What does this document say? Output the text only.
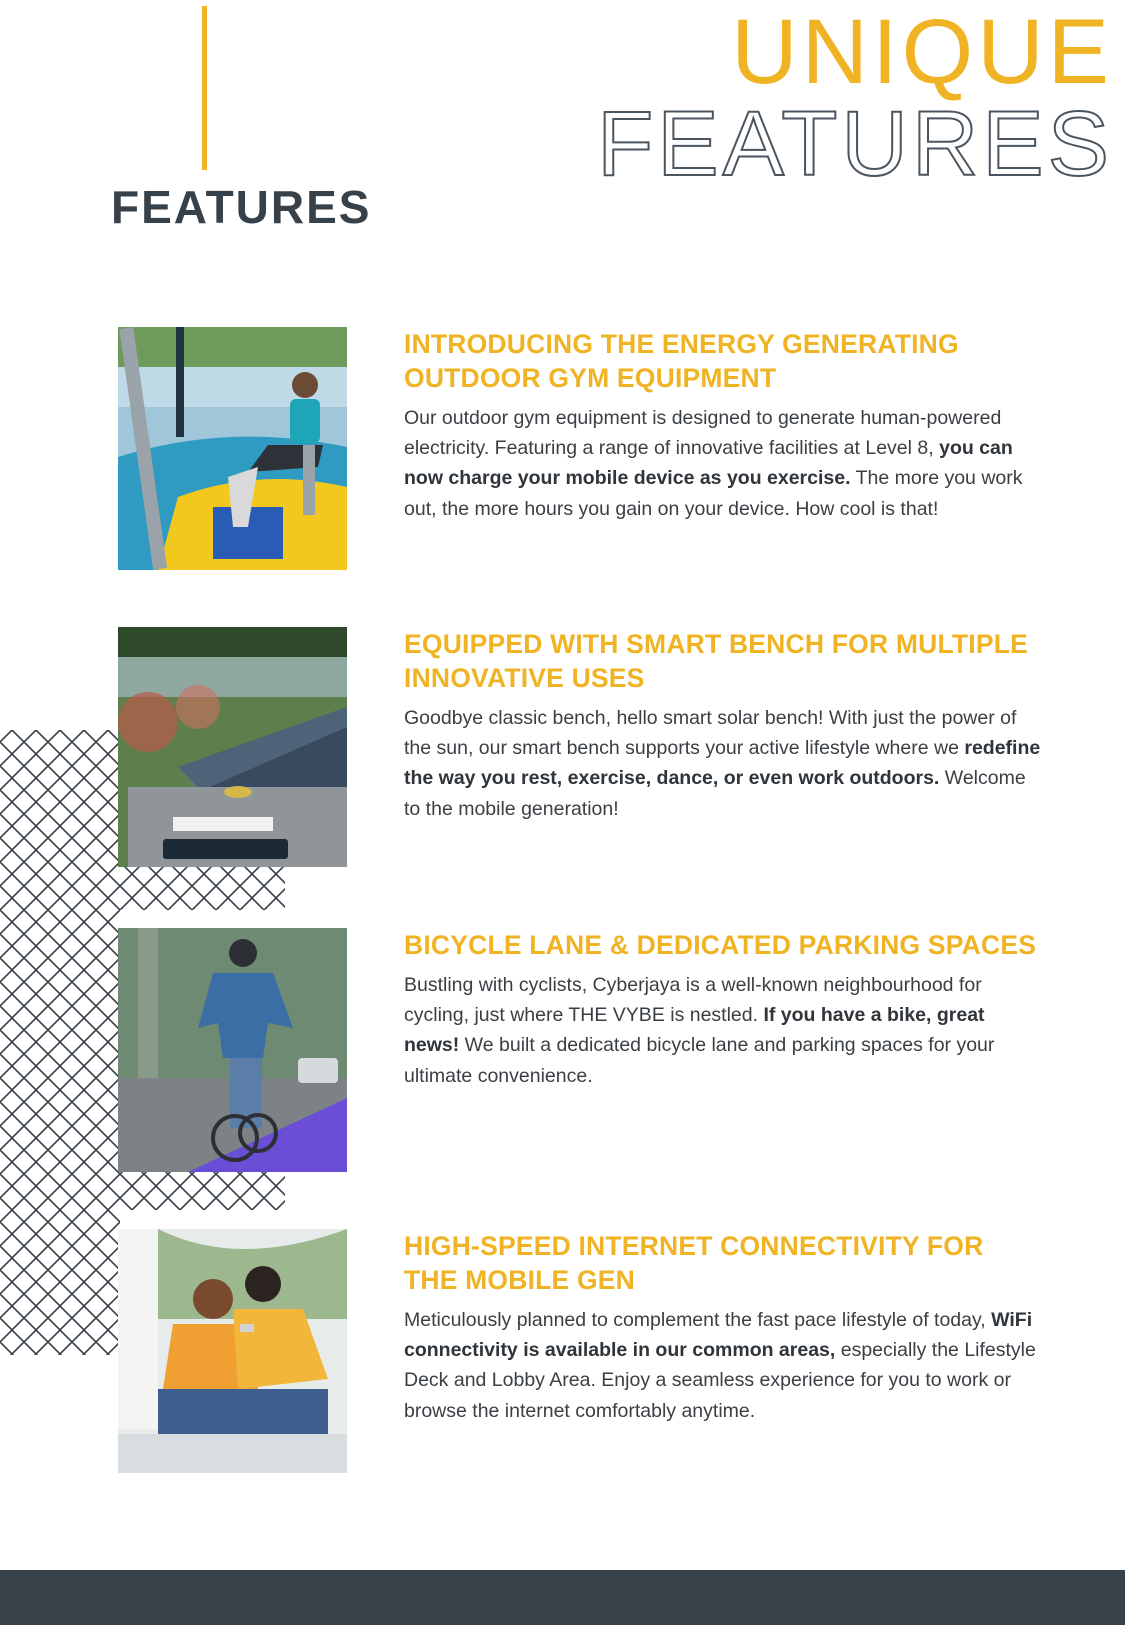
FEATURES
UNIQUE
FEATURES
INTRODUCING THE ENERGY GENERATING OUTDOOR GYM EQUIPMENT

Our outdoor gym equipment is designed to generate human-powered electricity. Featuring a range of innovative facilities at Level 8, you can now charge your mobile device as you exercise. The more you work out, the more hours you gain on your device. How cool is that!

EQUIPPED WITH SMART BENCH FOR MULTIPLE INNOVATIVE USES

Goodbye classic bench, hello smart solar bench! With just the power of the sun, our smart bench supports your active lifestyle where we redefine the way you rest, exercise, dance, or even work outdoors. Welcome to the mobile generation!

BICYCLE LANE & DEDICATED PARKING SPACES

Bustling with cyclists, Cyberjaya is a well-known neighbourhood for cycling, just where THE VYBE is nestled. If you have a bike, great news! We built a dedicated bicycle lane and parking spaces for your ultimate convenience.

HIGH-SPEED INTERNET CONNECTIVITY FOR THE MOBILE GEN

Meticulously planned to complement the fast pace lifestyle of today, WiFi connectivity is available in our common areas, especially the Lifestyle Deck and Lobby Area. Enjoy a seamless experience for you to work or browse the internet comfortably anytime.
